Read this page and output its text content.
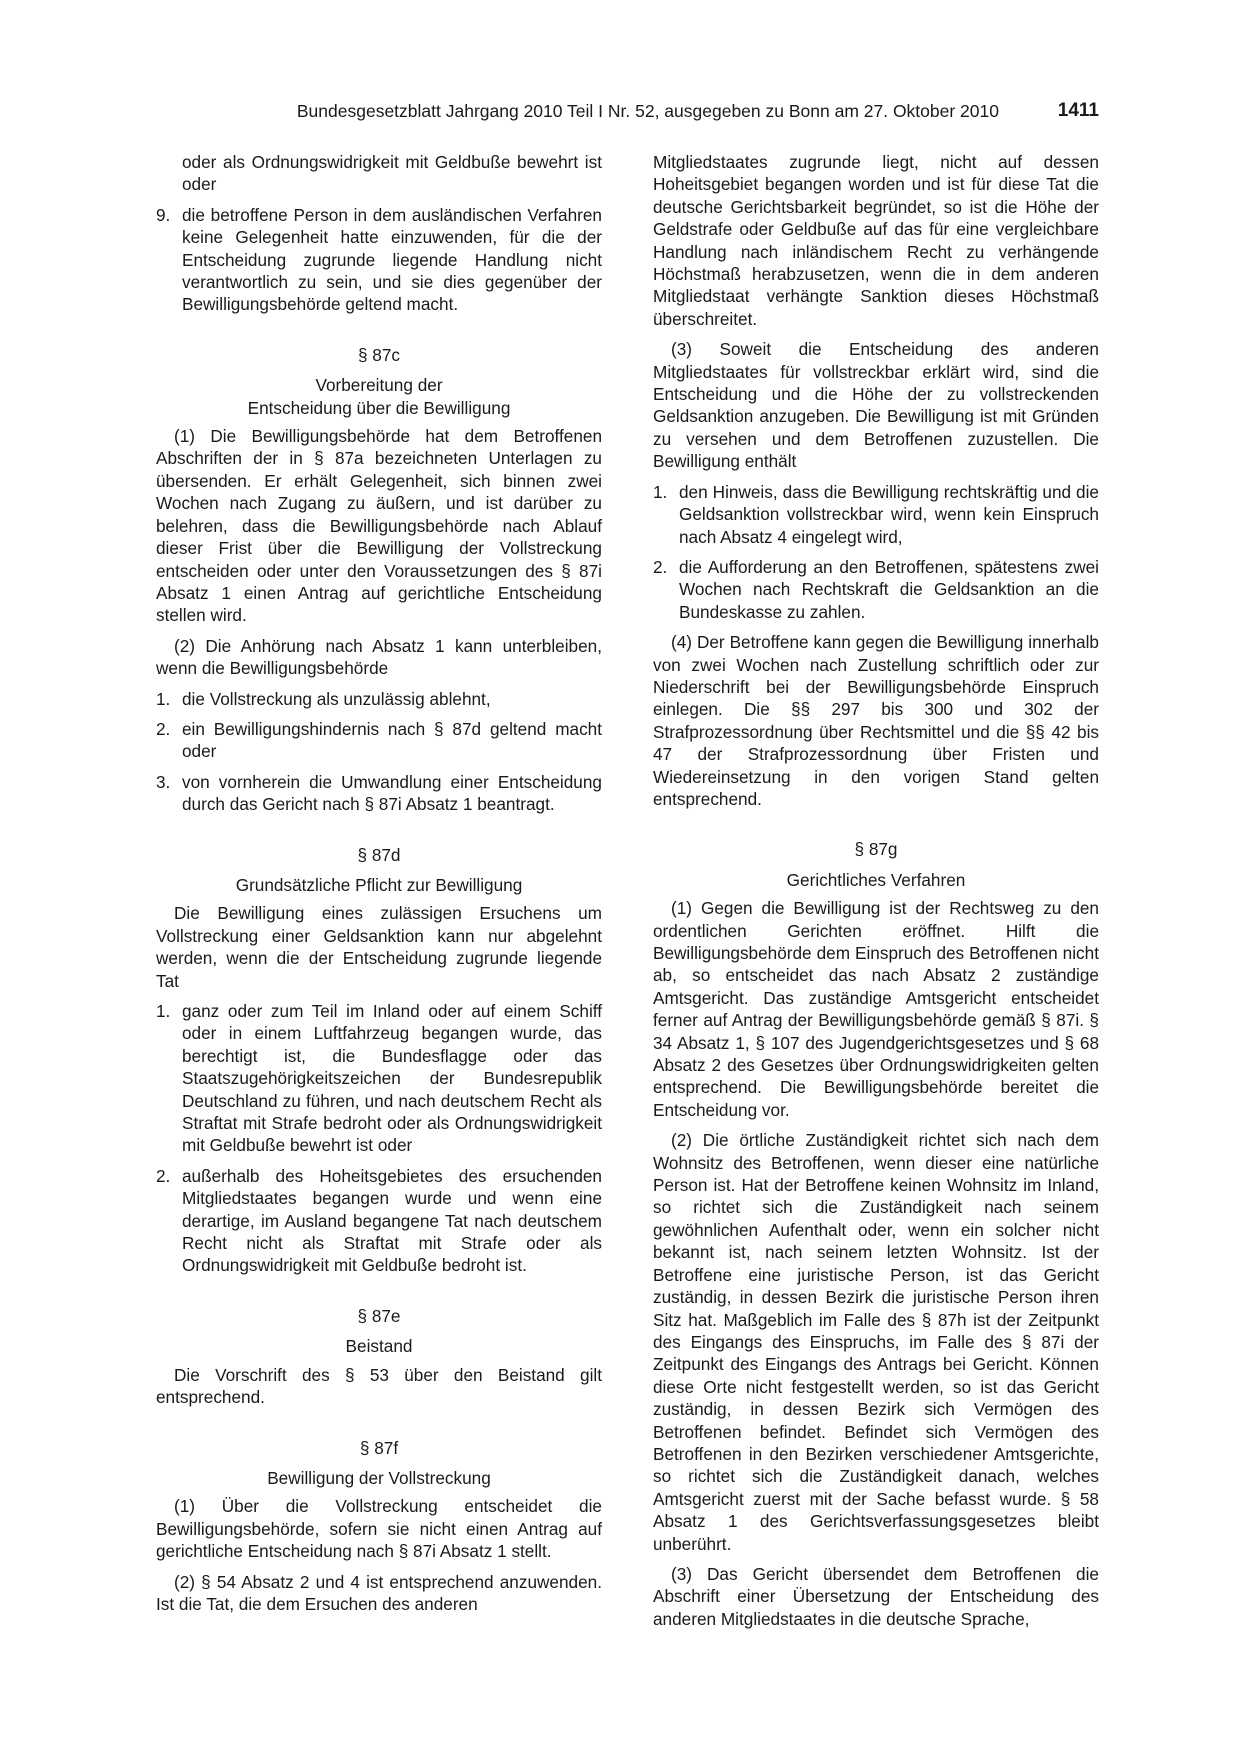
Bundesgesetzblatt Jahrgang 2010 Teil I Nr. 52, ausgegeben zu Bonn am 27. Oktober 2010	1411
oder als Ordnungswidrigkeit mit Geldbuße bewehrt ist oder
9. die betroffene Person in dem ausländischen Verfahren keine Gelegenheit hatte einzuwenden, für die der Entscheidung zugrunde liegende Handlung nicht verantwortlich zu sein, und sie dies gegenüber der Bewilligungsbehörde geltend macht.
§ 87c
Vorbereitung der
Entscheidung über die Bewilligung

(1) Die Bewilligungsbehörde hat dem Betroffenen Abschriften der in § 87a bezeichneten Unterlagen zu übersenden. Er erhält Gelegenheit, sich binnen zwei Wochen nach Zugang zu äußern, und ist darüber zu belehren, dass die Bewilligungsbehörde nach Ablauf dieser Frist über die Bewilligung der Vollstreckung entscheiden oder unter den Voraussetzungen des § 87i Absatz 1 einen Antrag auf gerichtliche Entscheidung stellen wird.

(2) Die Anhörung nach Absatz 1 kann unterbleiben, wenn die Bewilligungsbehörde

1. die Vollstreckung als unzulässig ablehnt,
2. ein Bewilligungshindernis nach § 87d geltend macht oder
3. von vornherein die Umwandlung einer Entscheidung durch das Gericht nach § 87i Absatz 1 beantragt.
§ 87d
Grundsätzliche Pflicht zur Bewilligung

Die Bewilligung eines zulässigen Ersuchens um Vollstreckung einer Geldsanktion kann nur abgelehnt werden, wenn die der Entscheidung zugrunde liegende Tat

1. ganz oder zum Teil im Inland oder auf einem Schiff oder in einem Luftfahrzeug begangen wurde, das berechtigt ist, die Bundesflagge oder das Staatszugehörigkeitszeichen der Bundesrepublik Deutschland zu führen, und nach deutschem Recht als Straftat mit Strafe bedroht oder als Ordnungswidrigkeit mit Geldbuße bewehrt ist oder
2. außerhalb des Hoheitsgebietes des ersuchenden Mitgliedstaates begangen wurde und wenn eine derartige, im Ausland begangene Tat nach deutschem Recht nicht als Straftat mit Strafe oder als Ordnungswidrigkeit mit Geldbuße bedroht ist.
§ 87e
Beistand

Die Vorschrift des § 53 über den Beistand gilt entsprechend.

§ 87f
Bewilligung der Vollstreckung

(1) Über die Vollstreckung entscheidet die Bewilligungsbehörde, sofern sie nicht einen Antrag auf gerichtliche Entscheidung nach § 87i Absatz 1 stellt.

(2) § 54 Absatz 2 und 4 ist entsprechend anzuwenden. Ist die Tat, die dem Ersuchen des anderen

Mitgliedstaates zugrunde liegt, nicht auf dessen Hoheitsgebiet begangen worden und ist für diese Tat die deutsche Gerichtsbarkeit begründet, so ist die Höhe der Geldstrafe oder Geldbuße auf das für eine vergleichbare Handlung nach inländischem Recht zu verhängende Höchstmaß herabzusetzen, wenn die in dem anderen Mitgliedstaat verhängte Sanktion dieses Höchstmaß überschreitet.

(3) Soweit die Entscheidung des anderen Mitgliedstaates für vollstreckbar erklärt wird, sind die Entscheidung und die Höhe der zu vollstreckenden Geldsanktion anzugeben. Die Bewilligung ist mit Gründen zu versehen und dem Betroffenen zuzustellen. Die Bewilligung enthält

1. den Hinweis, dass die Bewilligung rechtskräftig und die Geldsanktion vollstreckbar wird, wenn kein Einspruch nach Absatz 4 eingelegt wird,
2. die Aufforderung an den Betroffenen, spätestens zwei Wochen nach Rechtskraft die Geldsanktion an die Bundeskasse zu zahlen.

(4) Der Betroffene kann gegen die Bewilligung innerhalb von zwei Wochen nach Zustellung schriftlich oder zur Niederschrift bei der Bewilligungsbehörde Einspruch einlegen. Die §§ 297 bis 300 und 302 der Strafprozessordnung über Rechtsmittel und die §§ 42 bis 47 der Strafprozessordnung über Fristen und Wiedereinsetzung in den vorigen Stand gelten entsprechend.

§ 87g
Gerichtliches Verfahren

(1) Gegen die Bewilligung ist der Rechtsweg zu den ordentlichen Gerichten eröffnet. Hilft die Bewilligungsbehörde dem Einspruch des Betroffenen nicht ab, so entscheidet das nach Absatz 2 zuständige Amtsgericht. Das zuständige Amtsgericht entscheidet ferner auf Antrag der Bewilligungsbehörde gemäß § 87i. § 34 Absatz 1, § 107 des Jugendgerichtsgesetzes und § 68 Absatz 2 des Gesetzes über Ordnungswidrigkeiten gelten entsprechend. Die Bewilligungsbehörde bereitet die Entscheidung vor.

(2) Die örtliche Zuständigkeit richtet sich nach dem Wohnsitz des Betroffenen, wenn dieser eine natürliche Person ist. Hat der Betroffene keinen Wohnsitz im Inland, so richtet sich die Zuständigkeit nach seinem gewöhnlichen Aufenthalt oder, wenn ein solcher nicht bekannt ist, nach seinem letzten Wohnsitz. Ist der Betroffene eine juristische Person, ist das Gericht zuständig, in dessen Bezirk die juristische Person ihren Sitz hat. Maßgeblich im Falle des § 87h ist der Zeitpunkt des Eingangs des Einspruchs, im Falle des § 87i der Zeitpunkt des Eingangs des Antrags bei Gericht. Können diese Orte nicht festgestellt werden, so ist das Gericht zuständig, in dessen Bezirk sich Vermögen des Betroffenen befindet. Befindet sich Vermögen des Betroffenen in den Bezirken verschiedener Amtsgerichte, so richtet sich die Zuständigkeit danach, welches Amtsgericht zuerst mit der Sache befasst wurde. § 58 Absatz 1 des Gerichtsverfassungsgesetzes bleibt unberührt.

(3) Das Gericht übersendet dem Betroffenen die Abschrift einer Übersetzung der Entscheidung des anderen Mitgliedstaates in die deutsche Sprache,
